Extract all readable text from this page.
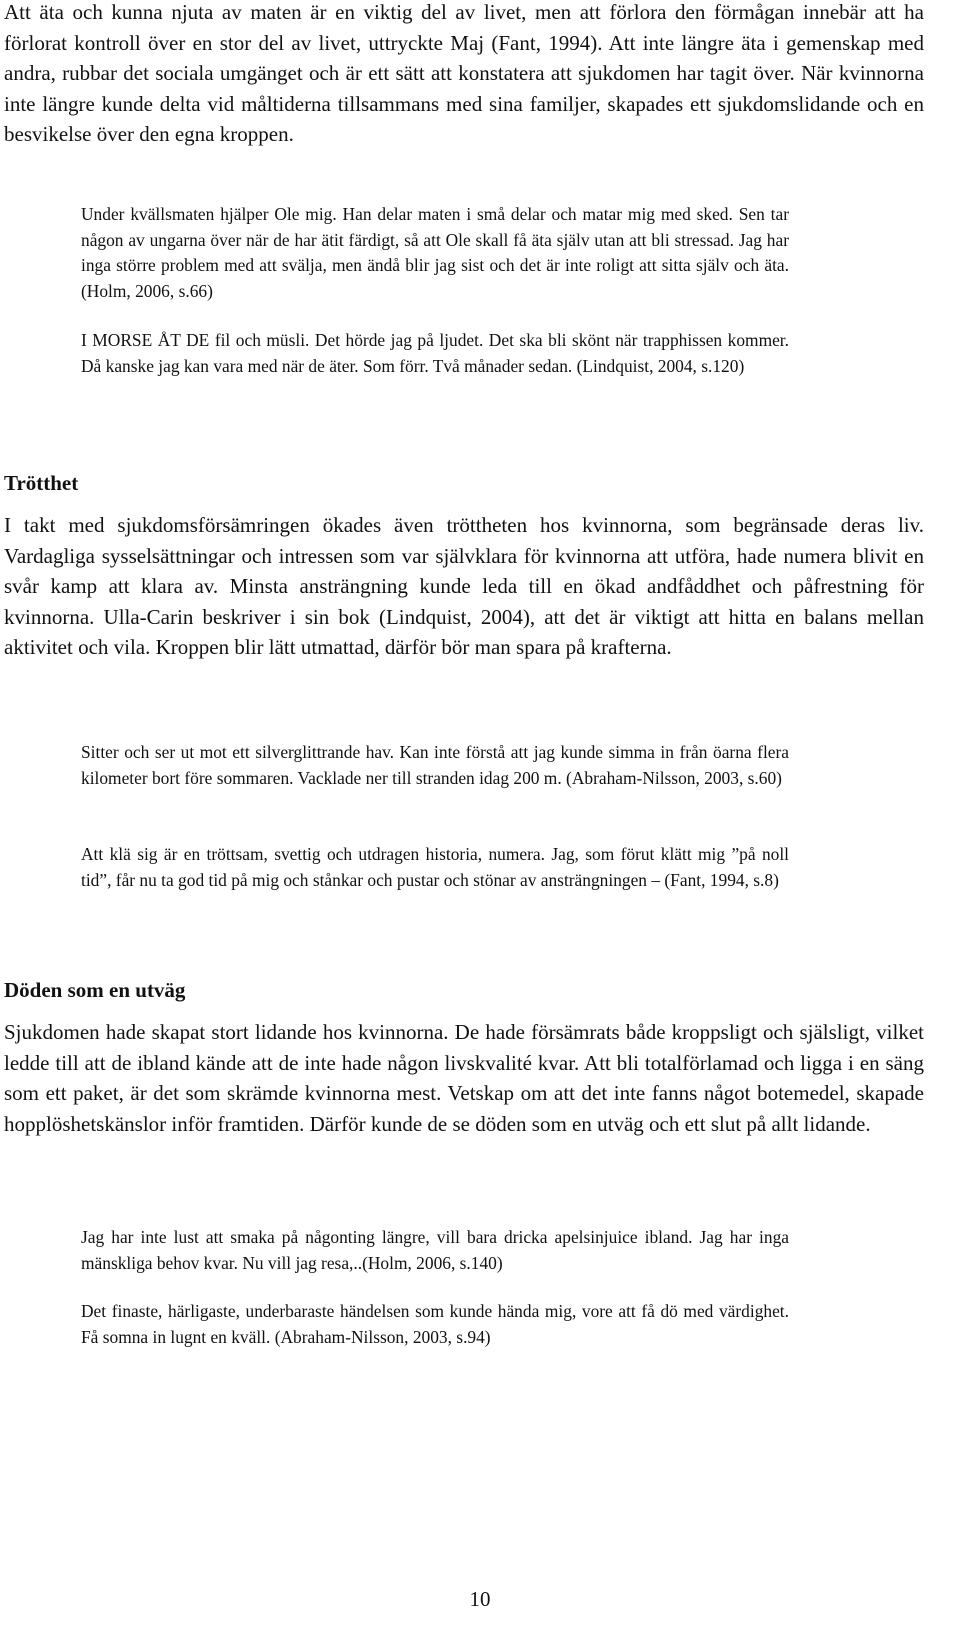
Att äta och kunna njuta av maten är en viktig del av livet, men att förlora den förmågan innebär att ha förlorat kontroll över en stor del av livet, uttryckte Maj (Fant, 1994). Att inte längre äta i gemenskap med andra, rubbar det sociala umgänget och är ett sätt att konstatera att sjukdomen har tagit över. När kvinnorna inte längre kunde delta vid måltiderna tillsammans med sina familjer, skapades ett sjukdomslidande och en besvikelse över den egna kroppen.

Under kvällsmaten hjälper Ole mig. Han delar maten i små delar och matar mig med sked. Sen tar någon av ungarna över när de har ätit färdigt, så att Ole skall få äta själv utan att bli stressad. Jag har inga större problem med att svälja, men ändå blir jag sist och det är inte roligt att sitta själv och äta. (Holm, 2006, s.66)

I MORSE ÅT DE fil och müsli. Det hörde jag på ljudet. Det ska bli skönt när trapphissen kommer. Då kanske jag kan vara med när de äter. Som förr. Två månader sedan. (Lindquist, 2004, s.120)

Trötthet

I takt med sjukdomsförsämringen ökades även tröttheten hos kvinnorna, som begränsade deras liv. Vardagliga sysselsättningar och intressen som var självklara för kvinnorna att utföra, hade numera blivit en svår kamp att klara av. Minsta ansträngning kunde leda till en ökad andfåddhet och påfrestning för kvinnorna. Ulla-Carin beskriver i sin bok (Lindquist, 2004), att det är viktigt att hitta en balans mellan aktivitet och vila. Kroppen blir lätt utmattad, därför bör man spara på krafterna.

Sitter och ser ut mot ett silverglittrande hav. Kan inte förstå att jag kunde simma in från öarna flera kilometer bort före sommaren. Vacklade ner till stranden idag 200 m. (Abraham-Nilsson, 2003, s.60)

Att klä sig är en tröttsam, svettig och utdragen historia, numera. Jag, som förut klätt mig ”på noll tid”, får nu ta god tid på mig och stånkar och pustar och stönar av ansträngningen – (Fant, 1994, s.8)

Döden som en utväg

Sjukdomen hade skapat stort lidande hos kvinnorna. De hade försämrats både kroppsligt och själsligt, vilket ledde till att de ibland kände att de inte hade någon livskvalité kvar. Att bli totalförlamad och ligga i en säng som ett paket, är det som skrämde kvinnorna mest. Vetskap om att det inte fanns något botemedel, skapade hopplöshetskänslor inför framtiden. Därför kunde de se döden som en utväg och ett slut på allt lidande.

Jag har inte lust att smaka på någonting längre, vill bara dricka apelsinjuice ibland. Jag har inga mänskliga behov kvar. Nu vill jag resa,..(Holm, 2006, s.140)

Det finaste, härligaste, underbaraste händelsen som kunde hända mig, vore att få dö med värdighet. Få somna in lugnt en kväll. (Abraham-Nilsson, 2003, s.94)

10
